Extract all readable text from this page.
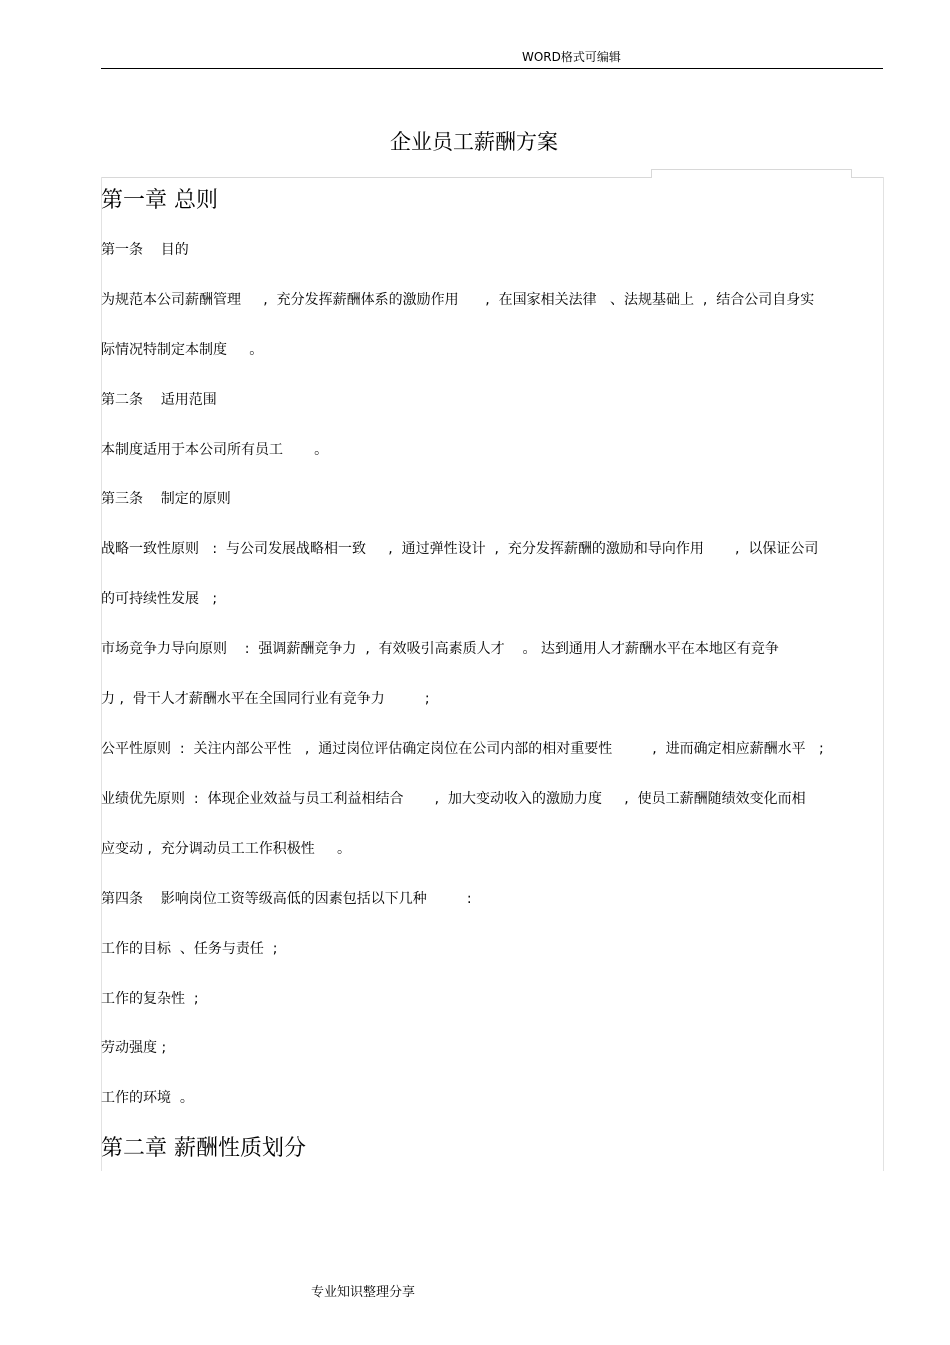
WORD格式可编辑
企业员工薪酬方案
第一章 总则
第一条    目的
为规范本公司薪酬管理     ,  充分发挥薪酬体系的激励作用      ,  在国家相关法律   、法规基础上  ,  结合公司自身实
际情况特制定本制度     。
第二条    适用范围
本制度适用于本公司所有员工       。
第三条    制定的原则
战略一致性原则   :  与公司发展战略相一致     ,  通过弹性设计  ,  充分发挥薪酬的激励和导向作用       ,  以保证公司
的可持续性发展   ;
市场竞争力导向原则    :  强调薪酬竞争力  ,  有效吸引高素质人才    。 达到通用人才薪酬水平在本地区有竞争
力 ,  骨干人才薪酬水平在全国同行业有竞争力         ;
公平性原则  :  关注内部公平性   ,  通过岗位评估确定岗位在公司内部的相对重要性         ,  进而确定相应薪酬水平   ;
业绩优先原则  :  体现企业效益与员工利益相结合       ,  加大变动收入的激励力度     ,  使员工薪酬随绩效变化而相
应变动 ,  充分调动员工工作积极性     。
第四条    影响岗位工资等级高低的因素包括以下几种         :
工作的目标  、任务与责任  ;
工作的复杂性  ;
劳动强度 ;
工作的环境  。
第二章 薪酬性质划分
专业知识整理分享
